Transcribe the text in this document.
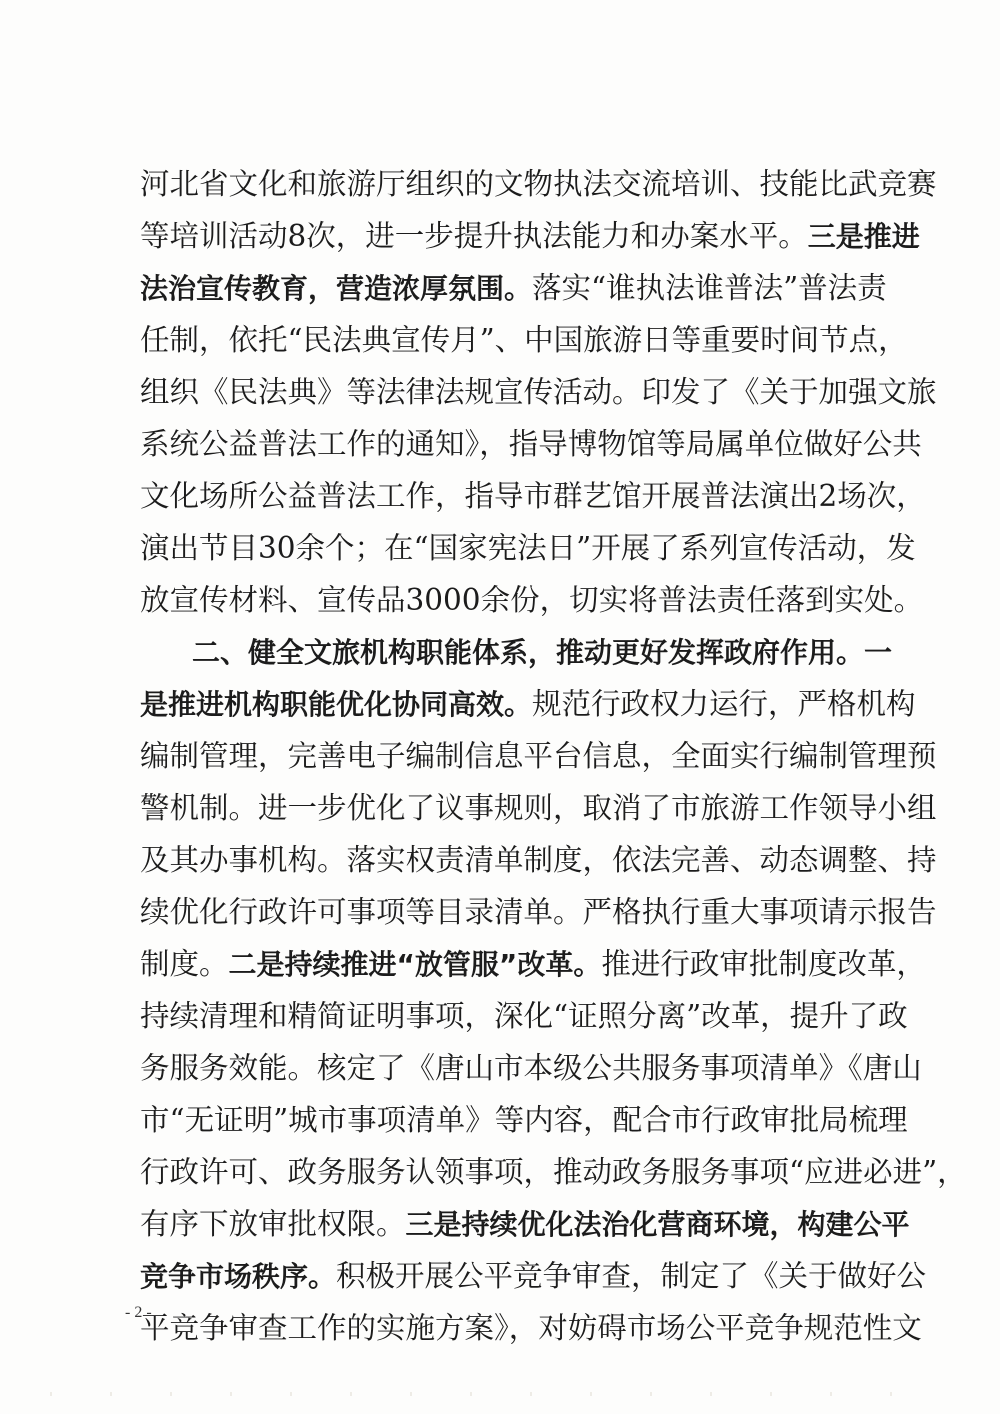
河北省文化和旅游厅组织的文物执法交流培训、技能比武竞赛
等培训活动8次，进一步提升执法能力和办案水平。三是推进
法治宣传教育，营造浓厚氛围。落实“谁执法谁普法”普法责
任制，依托“民法典宣传月”、中国旅游日等重要时间节点，
组织《民法典》等法律法规宣传活动。印发了《关于加强文旅
系统公益普法工作的通知》，指导博物馆等局属单位做好公共
文化场所公益普法工作，指导市群艺馆开展普法演出2场次，
演出节目30余个；在“国家宪法日”开展了系列宣传活动，发
放宣传材料、宣传品3000余份，切实将普法责任落到实处。
二、健全文旅机构职能体系，推动更好发挥政府作用。一
是推进机构职能优化协同高效。规范行政权力运行，严格机构
编制管理，完善电子编制信息平台信息，全面实行编制管理预
警机制。进一步优化了议事规则，取消了市旅游工作领导小组
及其办事机构。落实权责清单制度，依法完善、动态调整、持
续优化行政许可事项等目录清单。严格执行重大事项请示报告
制度。二是持续推进“放管服”改革。推进行政审批制度改革，
持续清理和精简证明事项，深化“证照分离”改革，提升了政
务服务效能。核定了《唐山市本级公共服务事项清单》《唐山
市“无证明”城市事项清单》等内容，配合市行政审批局梳理
行政许可、政务服务认领事项，推动政务服务事项“应进必进”，
有序下放审批权限。三是持续优化法治化营商环境，构建公平
竞争市场秩序。积极开展公平竞争审查，制定了《关于做好公
平竞争审查工作的实施方案》，对妨碍市场公平竞争规范性文
- 2 -
